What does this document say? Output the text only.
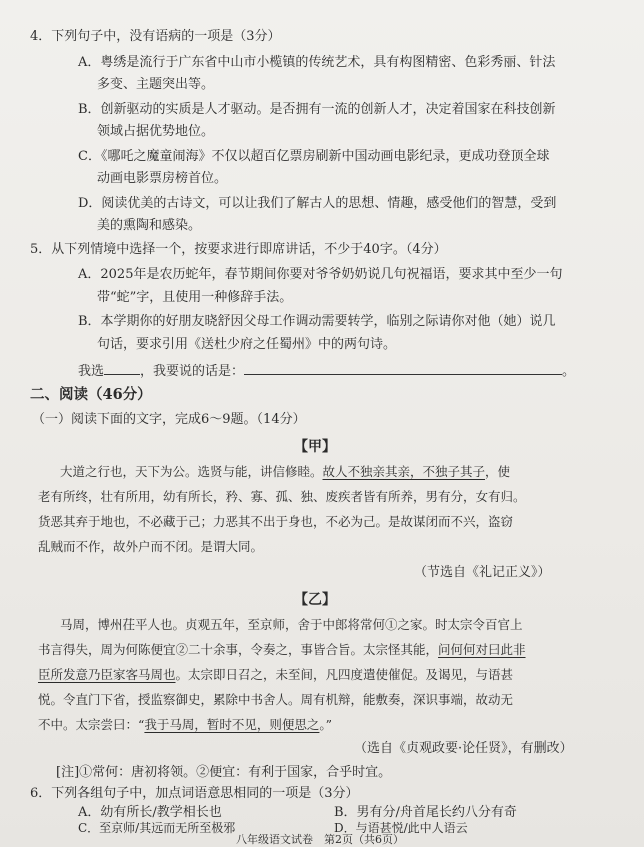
4．下列句子中，没有语病的一项是（3分）
A．粤绣是流行于广东省中山市小榄镇的传统艺术，具有构图精密、色彩秀丽、针法
多变、主题突出等。
B．创新驱动的实质是人才驱动。是否拥有一流的创新人才，决定着国家在科技创新
领域占据优势地位。
C．《哪吒之魔童闹海》不仅以超百亿票房刷新中国动画电影纪录，更成功登顶全球
动画电影票房榜首位。
D．阅读优美的古诗文，可以让我们了解古人的思想、情趣，感受他们的智慧，受到
美的熏陶和感染。
5．从下列情境中选择一个，按要求进行即席讲话，不少于40字。（4分）
A．2025年是农历蛇年，春节期间你要对爷爷奶奶说几句祝福语，要求其中至少一句
带“蛇”字，且使用一种修辞手法。
B．本学期你的好朋友晓舒因父母工作调动需要转学，临别之际请你对他（她）说几
句话，要求引用《送杜少府之任蜀州》中的两句诗。
我选	，我要说的话是：	。
二、阅读（46分）
（一）阅读下面的文字，完成6～9题。（14分）
【甲】
大道之行也，天下为公。选贤与能，讲信修睦。故人不独亲其亲，不独子其子，使
老有所终，壮有所用，幼有所长，矜、寡、孤、独、废疾者皆有所养，男有分，女有归。
货恶其弃于地也，不必藏于己；力恶其不出于身也，不必为己。是故谋闭而不兴，盗窃
乱贼而不作，故外户而不闭。是谓大同。
（节选自《礼记正义》）
【乙】
马周，博州茌平人也。贞观五年，至京师，舍于中郎将常何①之家。时太宗令百官上
书言得失，周为何陈便宜②二十余事，令奏之，事皆合旨。太宗怪其能，问何何对曰此非
臣所发意乃臣家客马周也。太宗即日召之，未至间，凡四度遣使催促。及谒见，与语甚
悦。令直门下省，授监察御史，累除中书舍人。周有机辩，能敷奏，深识事端，故动无
不中。太宗尝曰：“我于马周，暂时不见，则便思之。”
（选自《贞观政要·论任贤》，有删改）
[注]①常何：唐初将领。②便宜：有利于国家，合乎时宜。
6．下列各组句子中，加点词语意思相同的一项是（3分）
A．幼有所长/教学相长也	B．男有分/舟首尾长约八分有奇
C．至京师/其远而无所至极邪	D．与语甚悦/此中人语云
八年级语文试卷　第2页（共6页）
